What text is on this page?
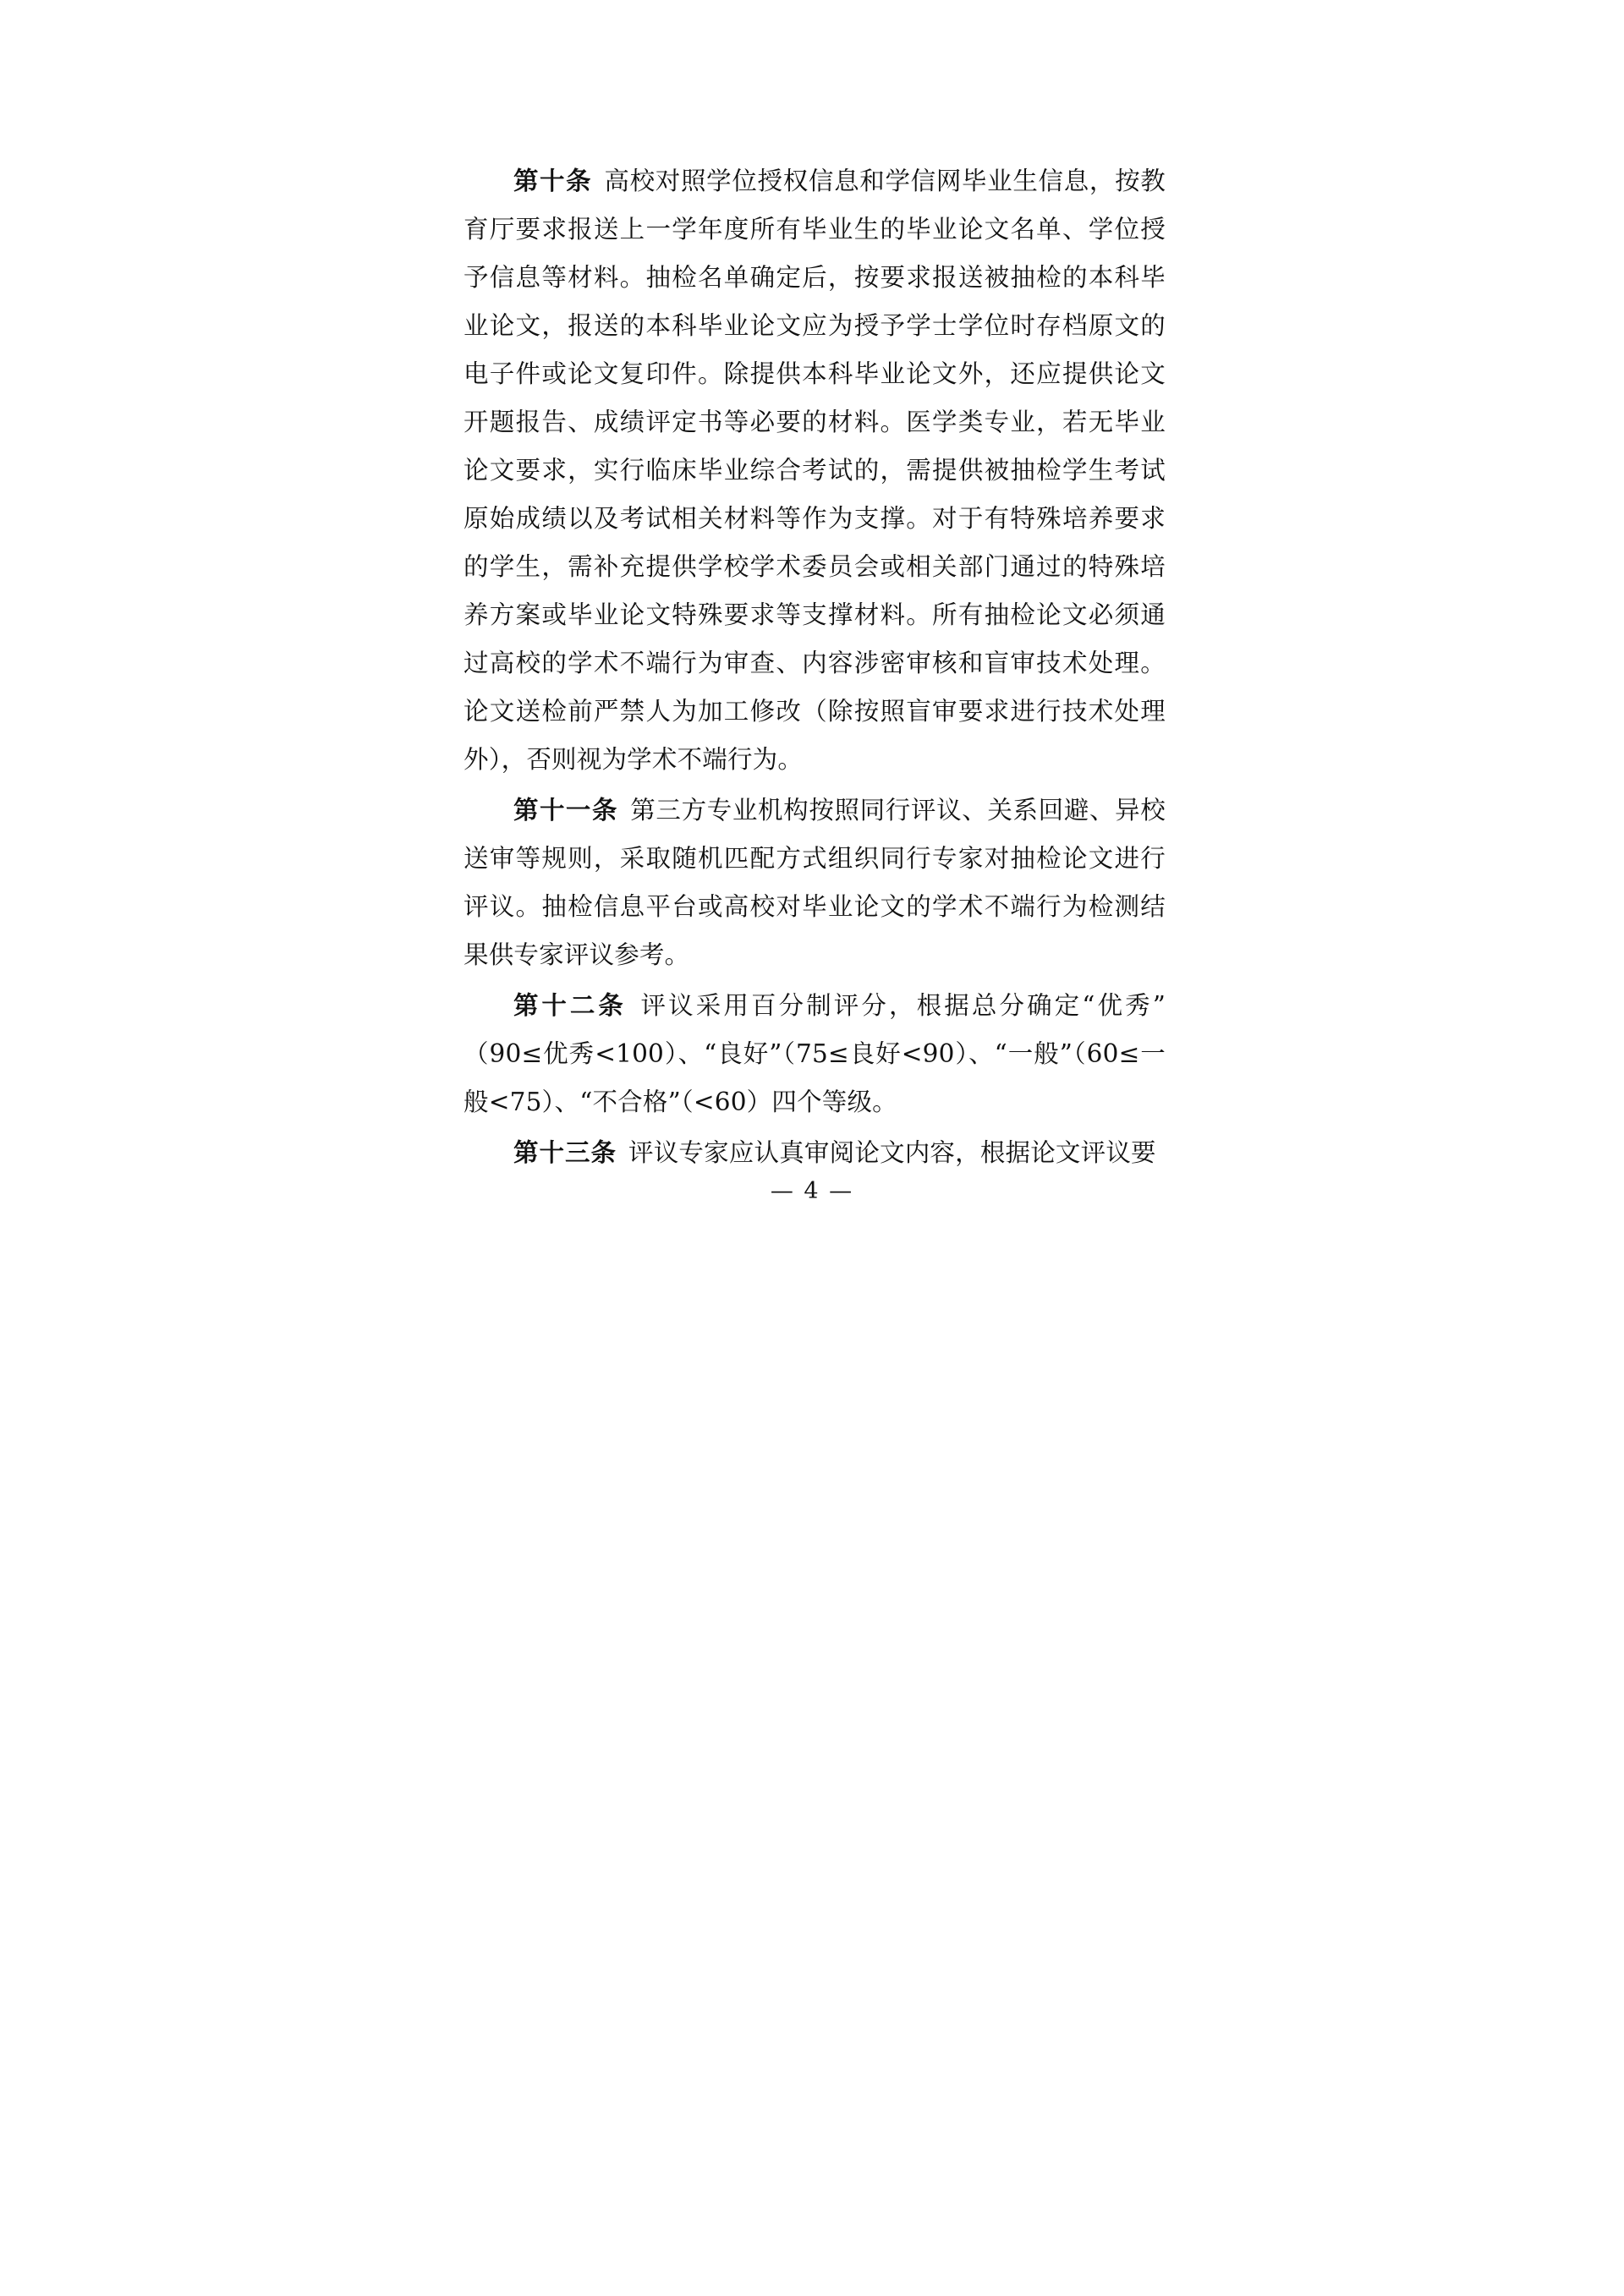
第十条 高校对照学位授权信息和学信网毕业生信息，按教育厅要求报送上一学年度所有毕业生的毕业论文名单、学位授予信息等材料。抽检名单确定后，按要求报送被抽检的本科毕业论文，报送的本科毕业论文应为授予学士学位时存档原文的电子件或论文复印件。除提供本科毕业论文外，还应提供论文开题报告、成绩评定书等必要的材料。医学类专业，若无毕业论文要求，实行临床毕业综合考试的，需提供被抽检学生考试原始成绩以及考试相关材料等作为支撑。对于有特殊培养要求的学生，需补充提供学校学术委员会或相关部门通过的特殊培养方案或毕业论文特殊要求等支撑材料。所有抽检论文必须通过高校的学术不端行为审查、内容涉密审核和盲审技术处理。论文送检前严禁人为加工修改（除按照盲审要求进行技术处理外），否则视为学术不端行为。

第十一条 第三方专业机构按照同行评议、关系回避、异校送审等规则，采取随机匹配方式组织同行专家对抽检论文进行评议。抽检信息平台或高校对毕业论文的学术不端行为检测结果供专家评议参考。

第十二条 评议采用百分制评分，根据总分确定“优秀”（90≤优秀<100）、“良好”（75≤良好<90）、“一般”（60≤一般<75）、“不合格”（<60）四个等级。

第十三条 评议专家应认真审阅论文内容，根据论文评议要

— 4 —
